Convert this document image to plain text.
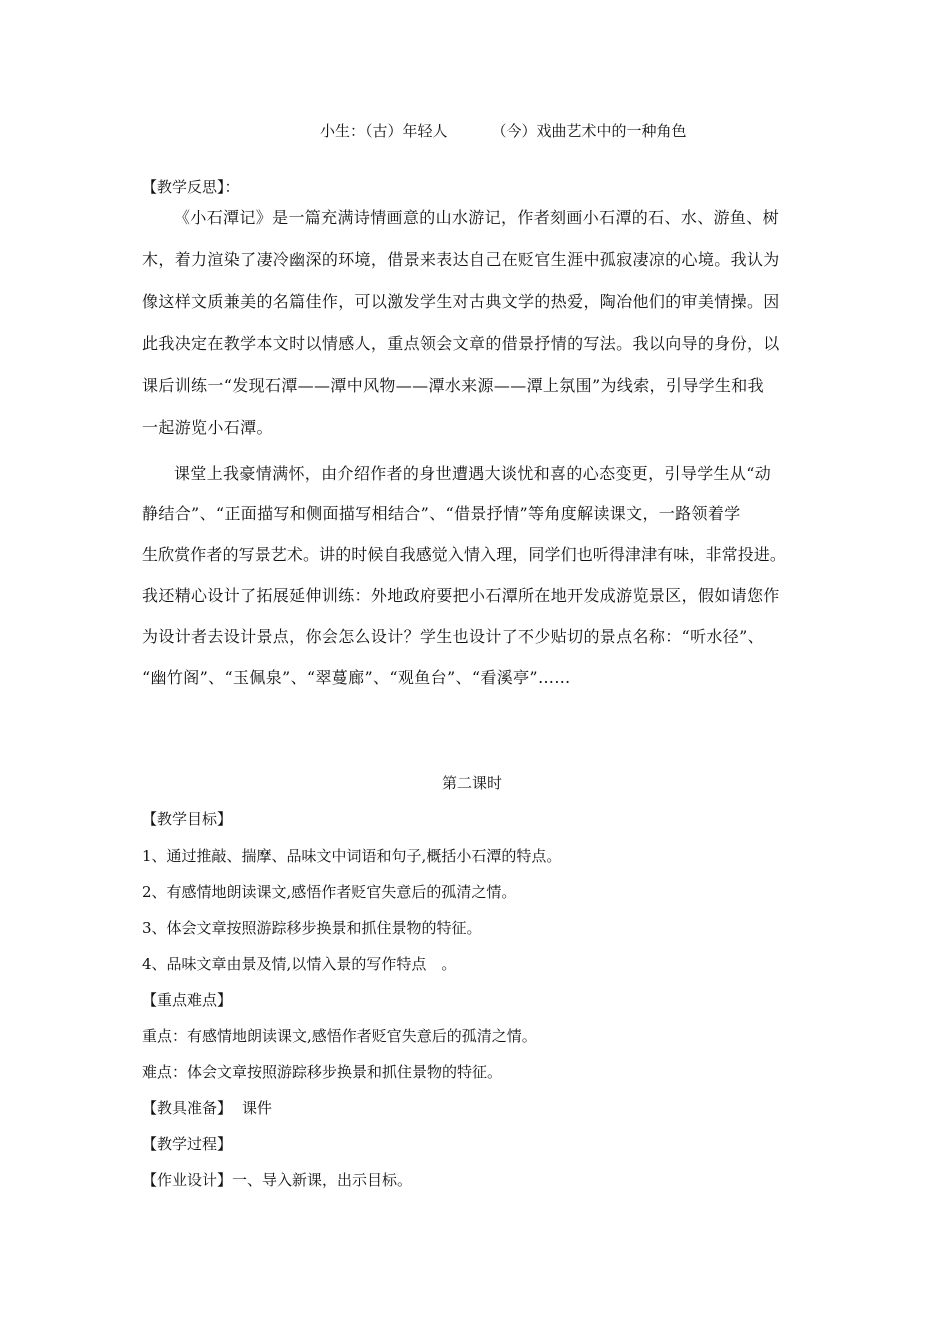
小生：（古）年轻人	（今）戏曲艺术中的一种角色
【教学反思】：
《小石潭记》是一篇充满诗情画意的山水游记，作者刻画小石潭的石、水、游鱼、树
木，着力渲染了凄冷幽深的环境，借景来表达自己在贬官生涯中孤寂凄凉的心境。我认为
像这样文质兼美的名篇佳作，可以激发学生对古典文学的热爱，陶冶他们的审美情操。因
此我决定在教学本文时以情感人，重点领会文章的借景抒情的写法。我以向导的身份，以
课后训练一“发现石潭——潭中风物——潭水来源——潭上氛围”为线索，引导学生和我
一起游览小石潭。
课堂上我豪情满怀，由介绍作者的身世遭遇大谈忧和喜的心态变更，引导学生从“动
静结合”、“正面描写和侧面描写相结合”、“借景抒情”等角度解读课文，一路领着学
生欣赏作者的写景艺术。讲的时候自我感觉入情入理，同学们也听得津津有味，非常投进。
我还精心设计了拓展延伸训练：外地政府要把小石潭所在地开发成游览景区，假如请您作
为设计者去设计景点，你会怎么设计？学生也设计了不少贴切的景点名称：“听水径”、
“幽竹阁”、“玉佩泉”、“翠蔓廊”、“观鱼台”、“看溪亭”……
第二课时
【教学目标】
1、通过推敲、揣摩、品味文中词语和句子,概括小石潭的特点。
2、有感情地朗读课文,感悟作者贬官失意后的孤清之情。
3、体会文章按照游踪移步换景和抓住景物的特征。
4、品味文章由景及情,以情入景的写作特点　。
【重点难点】
重点：有感情地朗读课文,感悟作者贬官失意后的孤清之情。
难点：体会文章按照游踪移步换景和抓住景物的特征。
【教具准备】 课件
【教学过程】
【作业设计】一、导入新课，出示目标。
